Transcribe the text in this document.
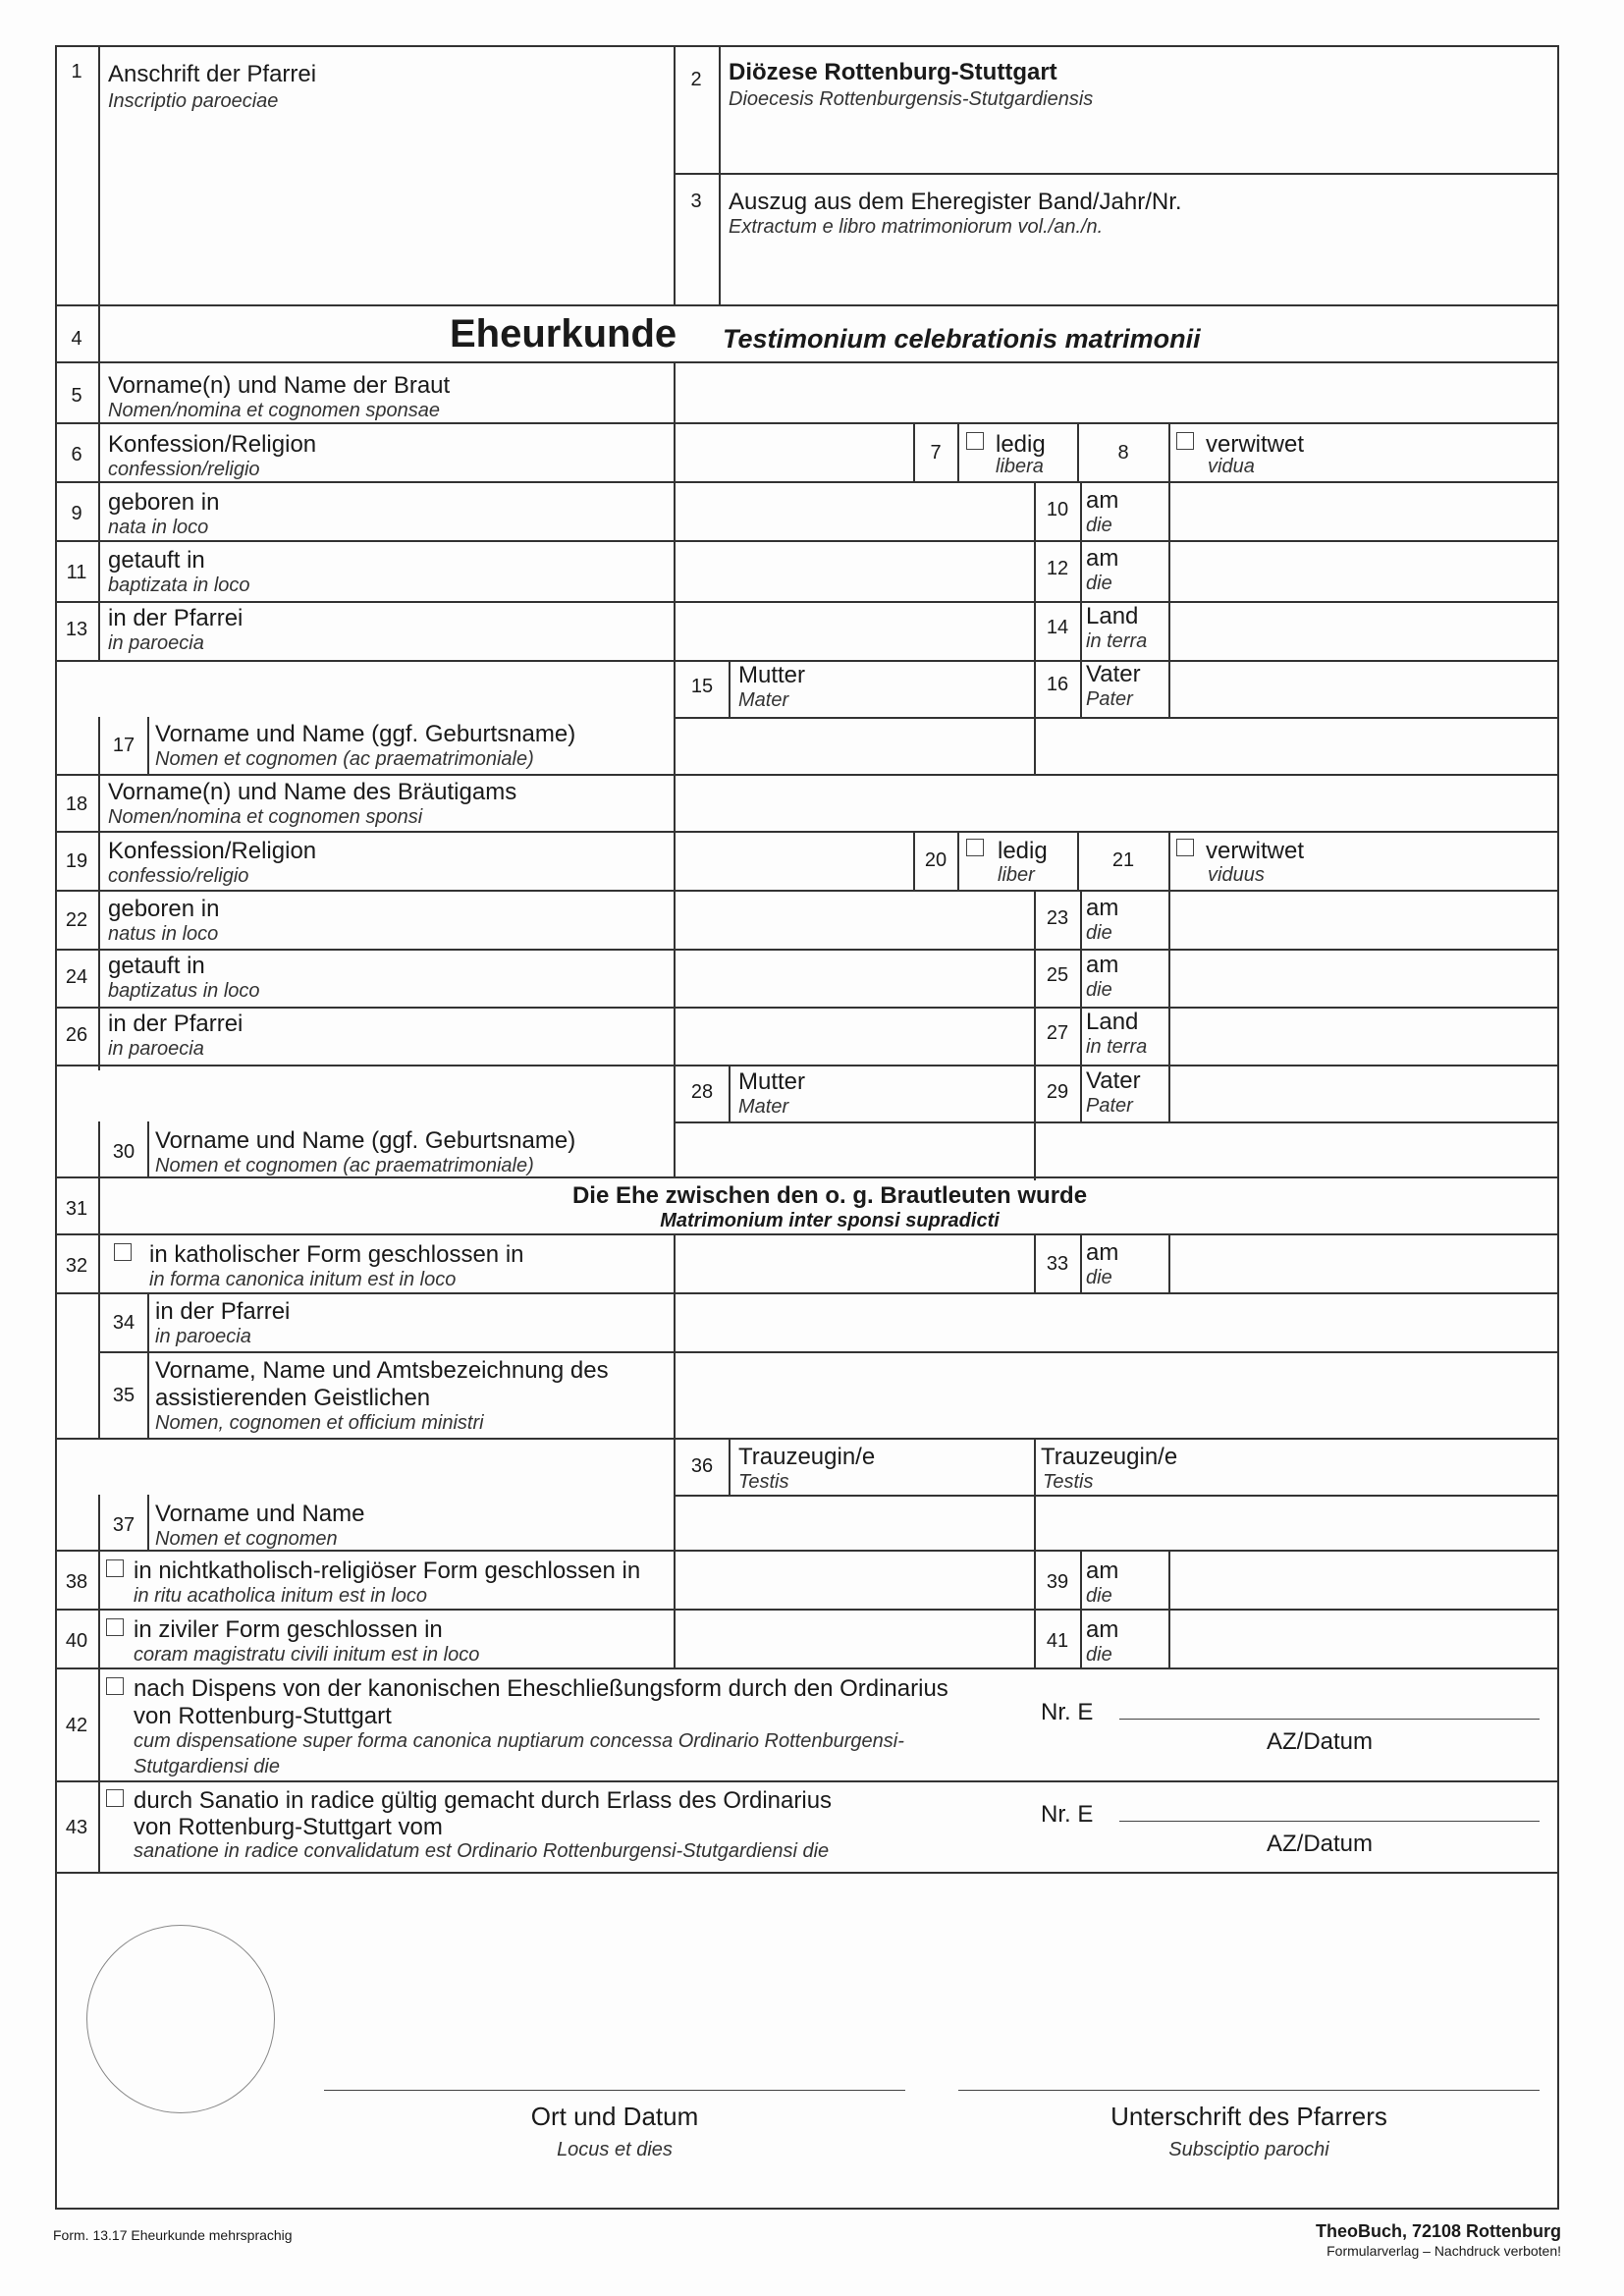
1	Anschrift der Pfarrei
Inscriptio paroeciae
2	Diözese Rottenburg-Stuttgart
Dioecesis Rottenburgensis-Stutgardiensis
3	Auszug aus dem Eheregister Band/Jahr/Nr.
Extractum e libro matrimoniorum vol./an./n.
4	Eheurkunde Testimonium celebrationis matrimonii
5	Vorname(n) und Name der Braut
Nomen/nomina et cognomen sponsae
6	Konfession/Religion
confession/religio
7	ledig
libera
8	verwitwet
vidua
9	geboren in
nata in loco
10 am
die
11 getauft in
baptizata in loco
12 am
die
13 in der Pfarrei
in paroecia
14 Land
in terra
15	Mutter
Mater
16 Vater
Pater
17 Vorname und Name (ggf. Geburtsname)
Nomen et cognomen (ac praematrimoniale)
18 Vorname(n) und Name des Bräutigams
Nomen/nomina et cognomen sponsi
19 Konfession/Religion
confessio/religio
20	ledig
liber
21	verwitwet
viduus
22 geboren in
natus in loco
23 am
die
24 getauft in
baptizatus in loco
25 am
die
26 in der Pfarrei
in paroecia
27 Land
in terra
28	Mutter
Mater
29 Vater
Pater
30 Vorname und Name (ggf. Geburtsname)
Nomen et cognomen (ac praematrimoniale)
31	Die Ehe zwischen den o. g. Brautleuten wurde
Matrimonium inter sponsi supradicti
32	in katholischer Form geschlossen in
in forma canonica initum est in loco
33 am
die
34 in der Pfarrei
in paroecia
35
Vorname, Name und Amtsbezeichnung des
assistierenden Geistlichen
Nomen, cognomen et officium ministri
36	Trauzeugin/e
Testis
Trauzeugin/e
Testis
37 Vorname und Name
Nomen et cognomen
38	in nichtkatholisch-religiöser Form geschlossen in
in ritu acatholica initum est in loco
39 am
die
40	in ziviler Form geschlossen in
coram magistratu civili initum est in loco
41 am
die
42
nach Dispens von der kanonischen Eheschließungsform durch den Ordinarius
von Rottenburg-Stuttgart
cum dispensatione super forma canonica nuptiarum concessa Ordinario Rottenburgensi-
Stutgardiensi die
Nr. E
AZ/Datum
43
durch Sanatio in radice gültig gemacht durch Erlass des Ordinarius
von Rottenburg-Stuttgart vom
sanatione in radice convalidatum est Ordinario Rottenburgensi-Stutgardiensi die
Nr. E
AZ/Datum
Ort und Datum
Locus et dies
Unterschrift des Pfarrers
Subsciptio parochi
Form. 13.17 Eheurkunde mehrsprachig	TheoBuch, 72108 Rottenburg
Formularverlag – Nachdruck verboten!
